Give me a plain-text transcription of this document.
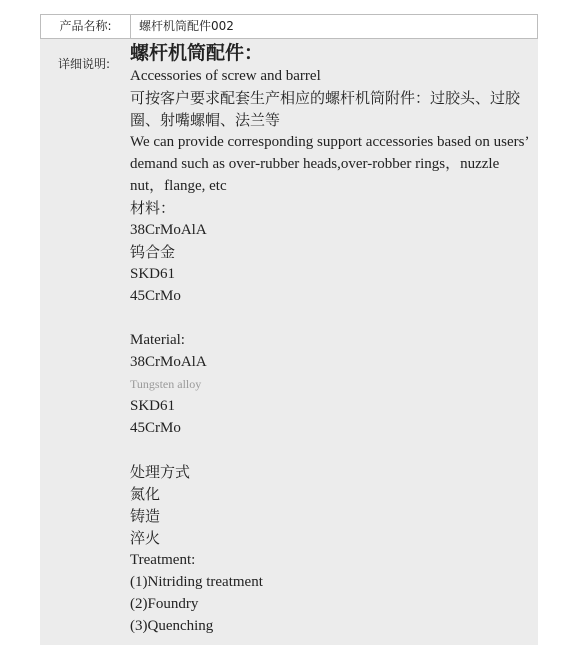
产品名称:	螺杆机筒配件002
详细说明: 螺杆机筒配件：

Accessories of screw and barrel

可按客户要求配套生产相应的螺杆机筒附件：过胶头、过胶圈、射嘴螺帽、法兰等

We can provide corresponding support accessories based on users’ demand such as over-rubber heads,over-robber rings，nuzzle nut，flange, etc

材料：

38CrMoAlA

钨合金

SKD61

45CrMo

Material:

38CrMoAlA

Tungsten alloy

SKD61

45CrMo

处理方式

氮化

铸造

淬火

Treatment:

(1)Nitriding treatment

(2)Foundry

(3)Quenching
